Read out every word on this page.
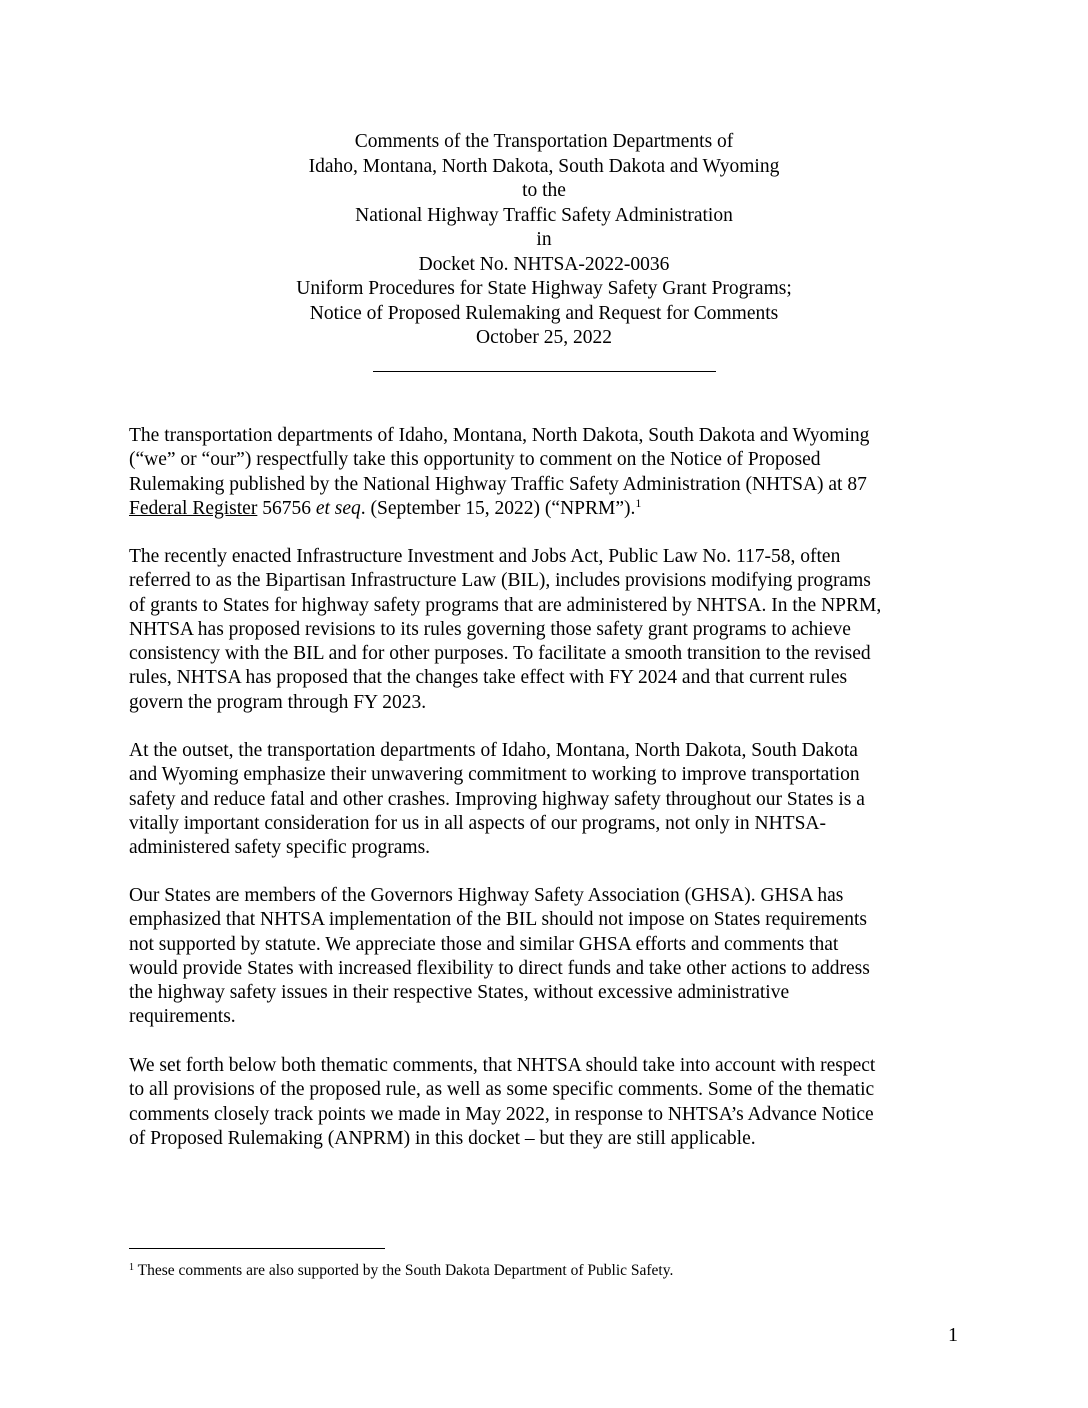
Comments of the Transportation Departments of
Idaho, Montana, North Dakota, South Dakota and Wyoming
to the
National Highway Traffic Safety Administration
in
Docket No. NHTSA-2022-0036
Uniform Procedures for State Highway Safety Grant Programs;
Notice of Proposed Rulemaking and Request for Comments
October 25, 2022
The transportation departments of Idaho, Montana, North Dakota, South Dakota and Wyoming
(“we” or “our”) respectfully take this opportunity to comment on the Notice of Proposed
Rulemaking published by the National Highway Traffic Safety Administration (NHTSA) at 87
Federal Register 56756 et seq. (September 15, 2022) (“NPRM”).$^1$
The recently enacted Infrastructure Investment and Jobs Act, Public Law No. 117-58, often
referred to as the Bipartisan Infrastructure Law (BIL), includes provisions modifying programs
of grants to States for highway safety programs that are administered by NHTSA. In the NPRM,
NHTSA has proposed revisions to its rules governing those safety grant programs to achieve
consistency with the BIL and for other purposes. To facilitate a smooth transition to the revised
rules, NHTSA has proposed that the changes take effect with FY 2024 and that current rules
govern the program through FY 2023.
At the outset, the transportation departments of Idaho, Montana, North Dakota, South Dakota
and Wyoming emphasize their unwavering commitment to working to improve transportation
safety and reduce fatal and other crashes. Improving highway safety throughout our States is a
vitally important consideration for us in all aspects of our programs, not only in NHTSA-
administered safety specific programs.
Our States are members of the Governors Highway Safety Association (GHSA). GHSA has
emphasized that NHTSA implementation of the BIL should not impose on States requirements
not supported by statute. We appreciate those and similar GHSA efforts and comments that
would provide States with increased flexibility to direct funds and take other actions to address
the highway safety issues in their respective States, without excessive administrative
requirements.
We set forth below both thematic comments, that NHTSA should take into account with respect
to all provisions of the proposed rule, as well as some specific comments. Some of the thematic
comments closely track points we made in May 2022, in response to NHTSA’s Advance Notice
of Proposed Rulemaking (ANPRM) in this docket – but they are still applicable.
$^1$ These comments are also supported by the South Dakota Department of Public Safety.
1
